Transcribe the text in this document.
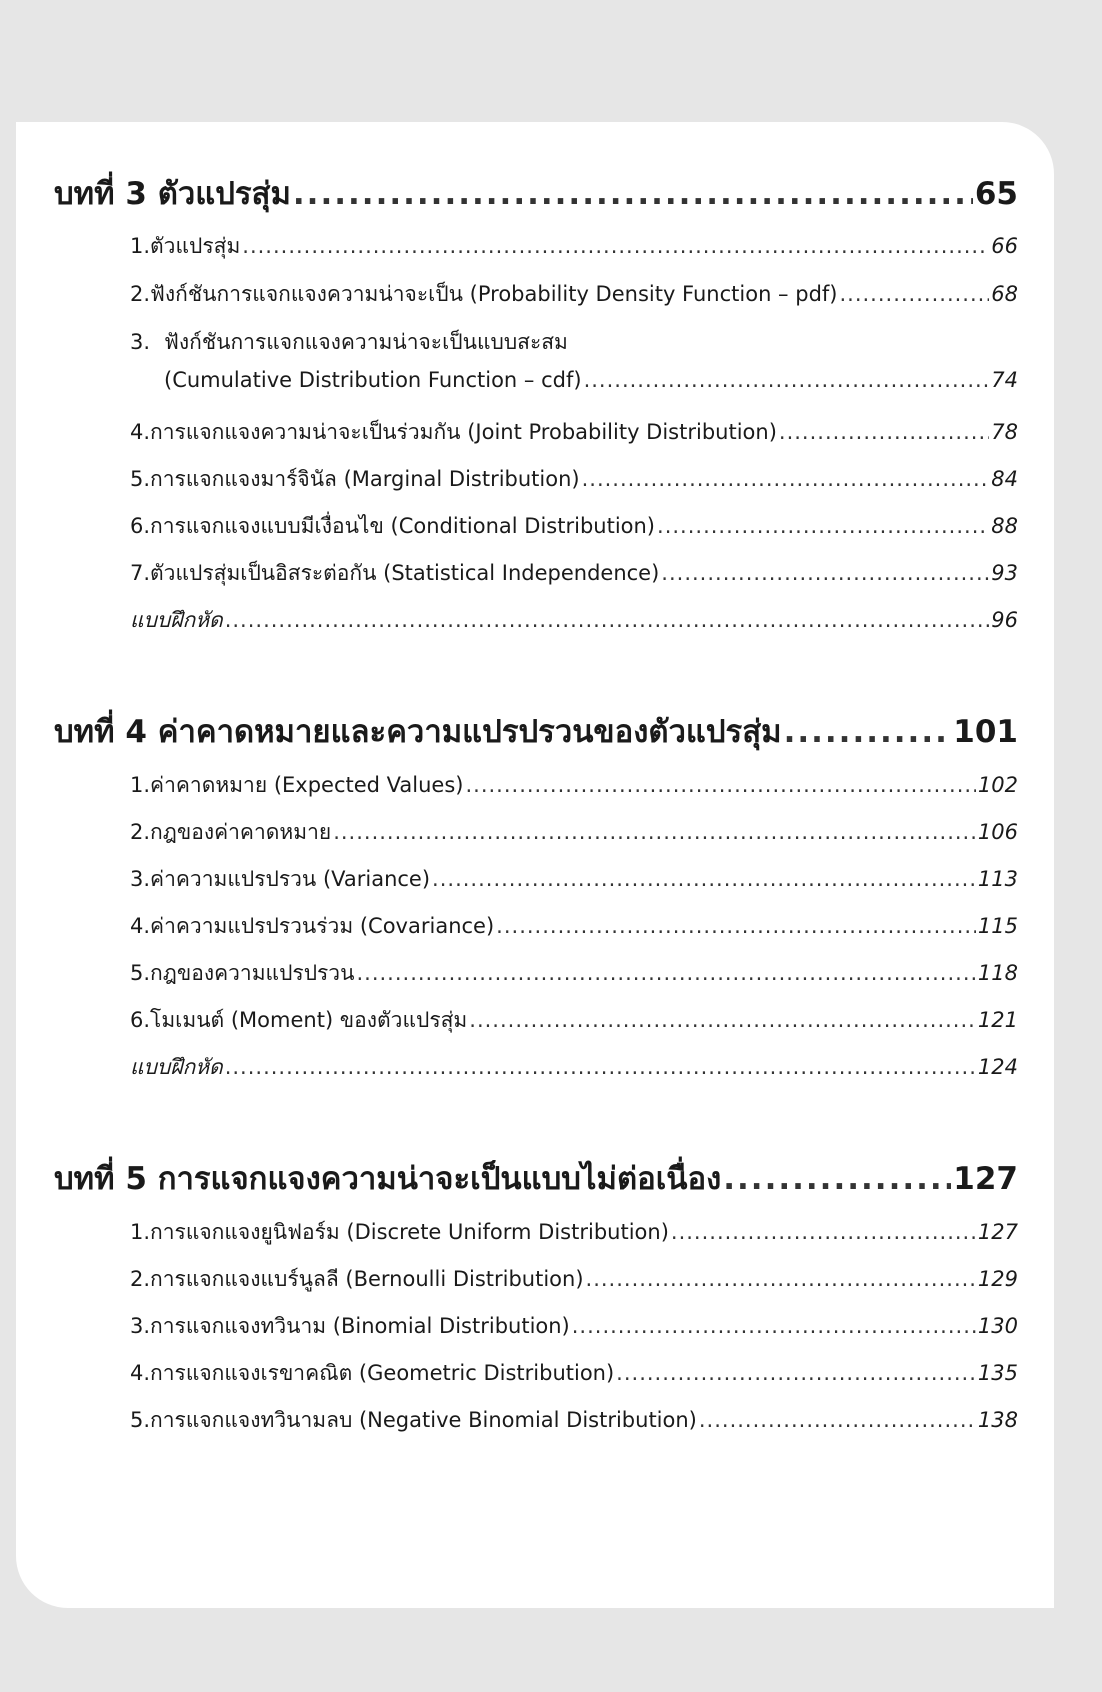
บทที่ 3 ตัวแปรสุ่ม .....	65
1. ตัวแปรสุ่ม .....	66
2. ฟังก์ชันการแจกแจงความน่าจะเป็น (Probability Density Function – pdf) .....	68
3. ฟังก์ชันการแจกแจงความน่าจะเป็นแบบสะสม
(Cumulative Distribution Function – cdf) .....	74
4. การแจกแจงความน่าจะเป็นร่วมกัน (Joint Probability Distribution) .....	78
5. การแจกแจงมาร์จินัล (Marginal Distribution) .....	84
6. การแจกแจงแบบมีเงื่อนไข (Conditional Distribution) .....	88
7. ตัวแปรสุ่มเป็นอิสระต่อกัน (Statistical Independence) .....	93
แบบฝึกหัด .....	96
บทที่ 4 ค่าคาดหมายและความแปรปรวนของตัวแปรสุ่ม .....	101
1. ค่าคาดหมาย (Expected Values) .....	102
2. กฎของค่าคาดหมาย .....	106
3. ค่าความแปรปรวน (Variance) .....	113
4. ค่าความแปรปรวนร่วม (Covariance) .....	115
5. กฎของความแปรปรวน .....	118
6. โมเมนต์ (Moment) ของตัวแปรสุ่ม .....	121
แบบฝึกหัด .....	124
บทที่ 5 การแจกแจงความน่าจะเป็นแบบไม่ต่อเนื่อง .....	127
1. การแจกแจงยูนิฟอร์ม (Discrete Uniform Distribution) .....	127
2. การแจกแจงแบร์นูลลี (Bernoulli Distribution) .....	129
3. การแจกแจงทวินาม (Binomial Distribution) .....	130
4. การแจกแจงเรขาคณิต (Geometric Distribution) .....	135
5. การแจกแจงทวินามลบ (Negative Binomial Distribution) .....	138
